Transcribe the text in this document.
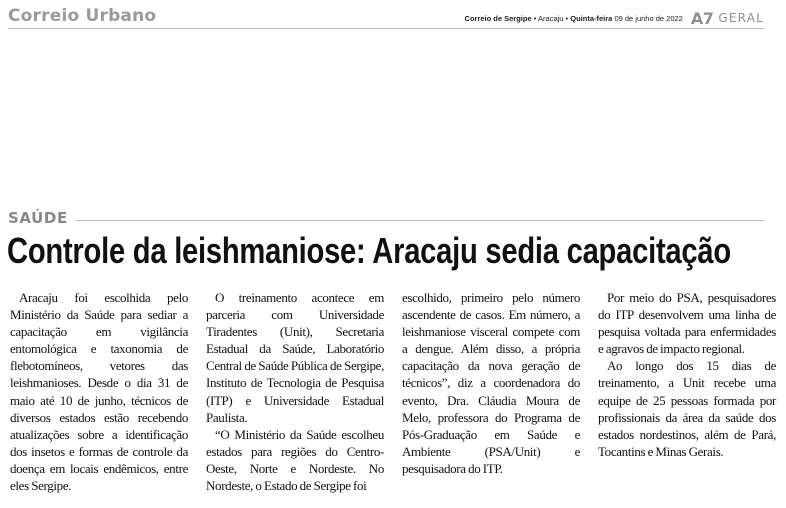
Correio Urbano	Correio de Sergipe • Aracaju • Quinta-feira 09 de junho de 2022 A7 GERAL
SAÚDE
Controle da leishmaniose: Aracaju sedia capacitação

Aracaju foi escolhida pelo Ministério da Saúde para sediar a capacitação em vigilância entomológica e taxonomia de flebotomíneos, vetores das leishmanioses. Desde o dia 31 de maio até 10 de junho, técnicos de diversos estados estão recebendo atualizações sobre a identificação dos insetos e formas de controle da doença em locais endêmicos, entre eles Sergipe.

O treinamento acontece em parceria com Universidade Tiradentes (Unit), Secretaria Estadual da Saúde, Laboratório Central de Saúde Pública de Sergipe, Instituto de Tecnologia de Pesquisa (ITP) e Universidade Estadual Paulista.

“O Ministério da Saúde escolheu estados para regiões do Centro-Oeste, Norte e Nordeste. No Nordeste, o Estado de Sergipe foi

escolhido, primeiro pelo número ascendente de casos. Em número, a leishmaniose visceral compete com a dengue. Além disso, a própria capacitação da nova geração de técnicos”, diz a coordenadora do evento, Dra. Cláudia Moura de Melo, professora do Programa de Pós-Graduação em Saúde e Ambiente (PSA/Unit) e pesquisadora do ITP.

Por meio do PSA, pesquisadores do ITP desenvolvem uma linha de pesquisa voltada para enfermidades e agravos de impacto regional.

Ao longo dos 15 dias de treinamento, a Unit recebe uma equipe de 25 pessoas formada por profissionais da área da saúde dos estados nordestinos, além de Pará, Tocantins e Minas Gerais.
